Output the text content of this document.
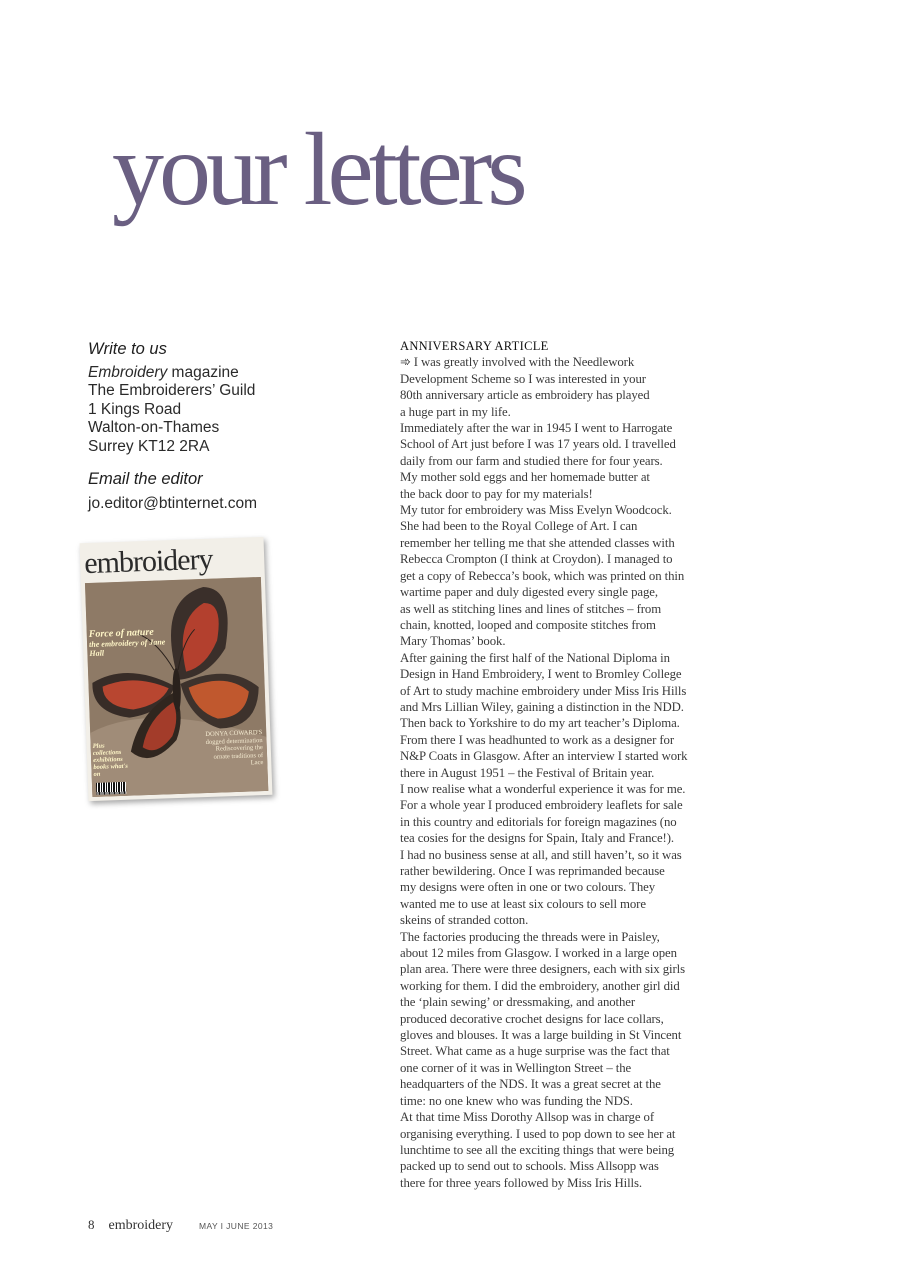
your letters

Write to us

Embroidery magazine

The Embroiderers’ Guild

1 Kings Road

Walton-on-Thames

Surrey KT12 2RA

Email the editor

jo.editor@btinternet.com

embroidery
Force of nature
the embroidery of Jane Hall
DONYA COWARD'S dogged determination Rediscovering the ornate traditions of Lace
Plus collections exhibitions books what's on
ANNIVERSARY ARTICLE

➾ I was greatly involved with the Needlework
Development Scheme so I was interested in your
80th anniversary article as embroidery has played
a huge part in my life.
Immediately after the war in 1945 I went to Harrogate
School of Art just before I was 17 years old. I travelled
daily from our farm and studied there for four years.
My mother sold eggs and her homemade butter at
the back door to pay for my materials!
My tutor for embroidery was Miss Evelyn Woodcock.
She had been to the Royal College of Art. I can
remember her telling me that she attended classes with
Rebecca Crompton (I think at Croydon). I managed to
get a copy of Rebecca’s book, which was printed on thin
wartime paper and duly digested every single page,
as well as stitching lines and lines of stitches – from
chain, knotted, looped and composite stitches from
Mary Thomas’ book.
After gaining the first half of the National Diploma in
Design in Hand Embroidery, I went to Bromley College
of Art to study machine embroidery under Miss Iris Hills
and Mrs Lillian Wiley, gaining a distinction in the NDD.
Then back to Yorkshire to do my art teacher’s Diploma.
From there I was headhunted to work as a designer for
N&P Coats in Glasgow. After an interview I started work
there in August 1951 – the Festival of Britain year.
I now realise what a wonderful experience it was for me.
For a whole year I produced embroidery leaflets for sale
in this country and editorials for foreign magazines (no
tea cosies for the designs for Spain, Italy and France!).
I had no business sense at all, and still haven’t, so it was
rather bewildering. Once I was reprimanded because
my designs were often in one or two colours. They
wanted me to use at least six colours to sell more
skeins of stranded cotton.
The factories producing the threads were in Paisley,
about 12 miles from Glasgow. I worked in a large open
plan area. There were three designers, each with six girls
working for them. I did the embroidery, another girl did
the ‘plain sewing’ or dressmaking, and another
produced decorative crochet designs for lace collars,
gloves and blouses. It was a large building in St Vincent
Street. What came as a huge surprise was the fact that
one corner of it was in Wellington Street – the
headquarters of the NDS. It was a great secret at the
time: no one knew who was funding the NDS.
At that time Miss Dorothy Allsop was in charge of
organising everything. I used to pop down to see her at
lunchtime to see all the exciting things that were being
packed up to send out to schools. Miss Allsopp was
there for three years followed by Miss Iris Hills.

8 embroidery	MAY I JUNE 2013
